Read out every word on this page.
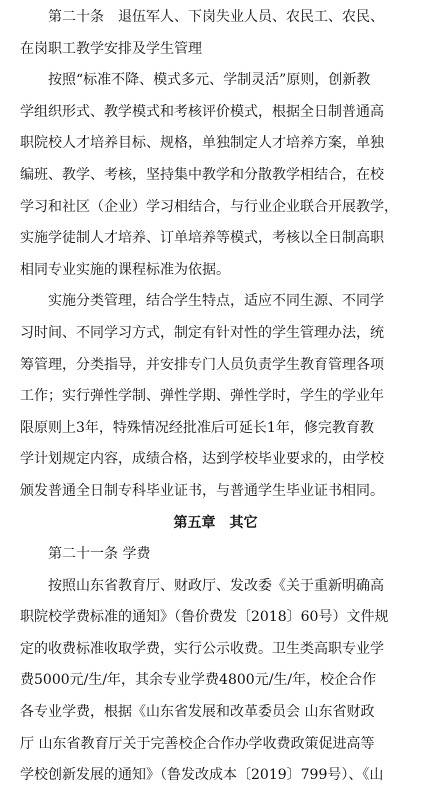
第二十条　退伍军人、下岗失业人员、农民工、农民、
在岗职工教学安排及学生管理
按照“标准不降、模式多元、学制灵活”原则，创新教
学组织形式、教学模式和考核评价模式，根据全日制普通高
职院校人才培养目标、规格，单独制定人才培养方案，单独
编班、教学、考核，坚持集中教学和分散教学相结合，在校
学习和社区（企业）学习相结合，与行业企业联合开展教学，
实施学徒制人才培养、订单培养等模式，考核以全日制高职
相同专业实施的课程标准为依据。
实施分类管理，结合学生特点，适应不同生源、不同学
习时间、不同学习方式，制定有针对性的学生管理办法，统
筹管理，分类指导，并安排专门人员负责学生教育管理各项
工作；实行弹性学制、弹性学期、弹性学时，学生的学业年
限原则上3年，特殊情况经批准后可延长1年，修完教育教
学计划规定内容，成绩合格，达到学校毕业要求的，由学校
颁发普通全日制专科毕业证书，与普通学生毕业证书相同。
第五章　其它
第二十一条 学费
按照山东省教育厅、财政厅、发改委《关于重新明确高
职院校学费标准的通知》（鲁价费发〔2018〕60号）文件规
定的收费标准收取学费，实行公示收费。卫生类高职专业学
费5000元/生/年，其余专业学费4800元/生/年，校企合作
各专业学费，根据《山东省发展和改革委员会 山东省财政
厅 山东省教育厅关于完善校企合作办学收费政策促进高等
学校创新发展的通知》（鲁发改成本〔2019〕799号）、《山
